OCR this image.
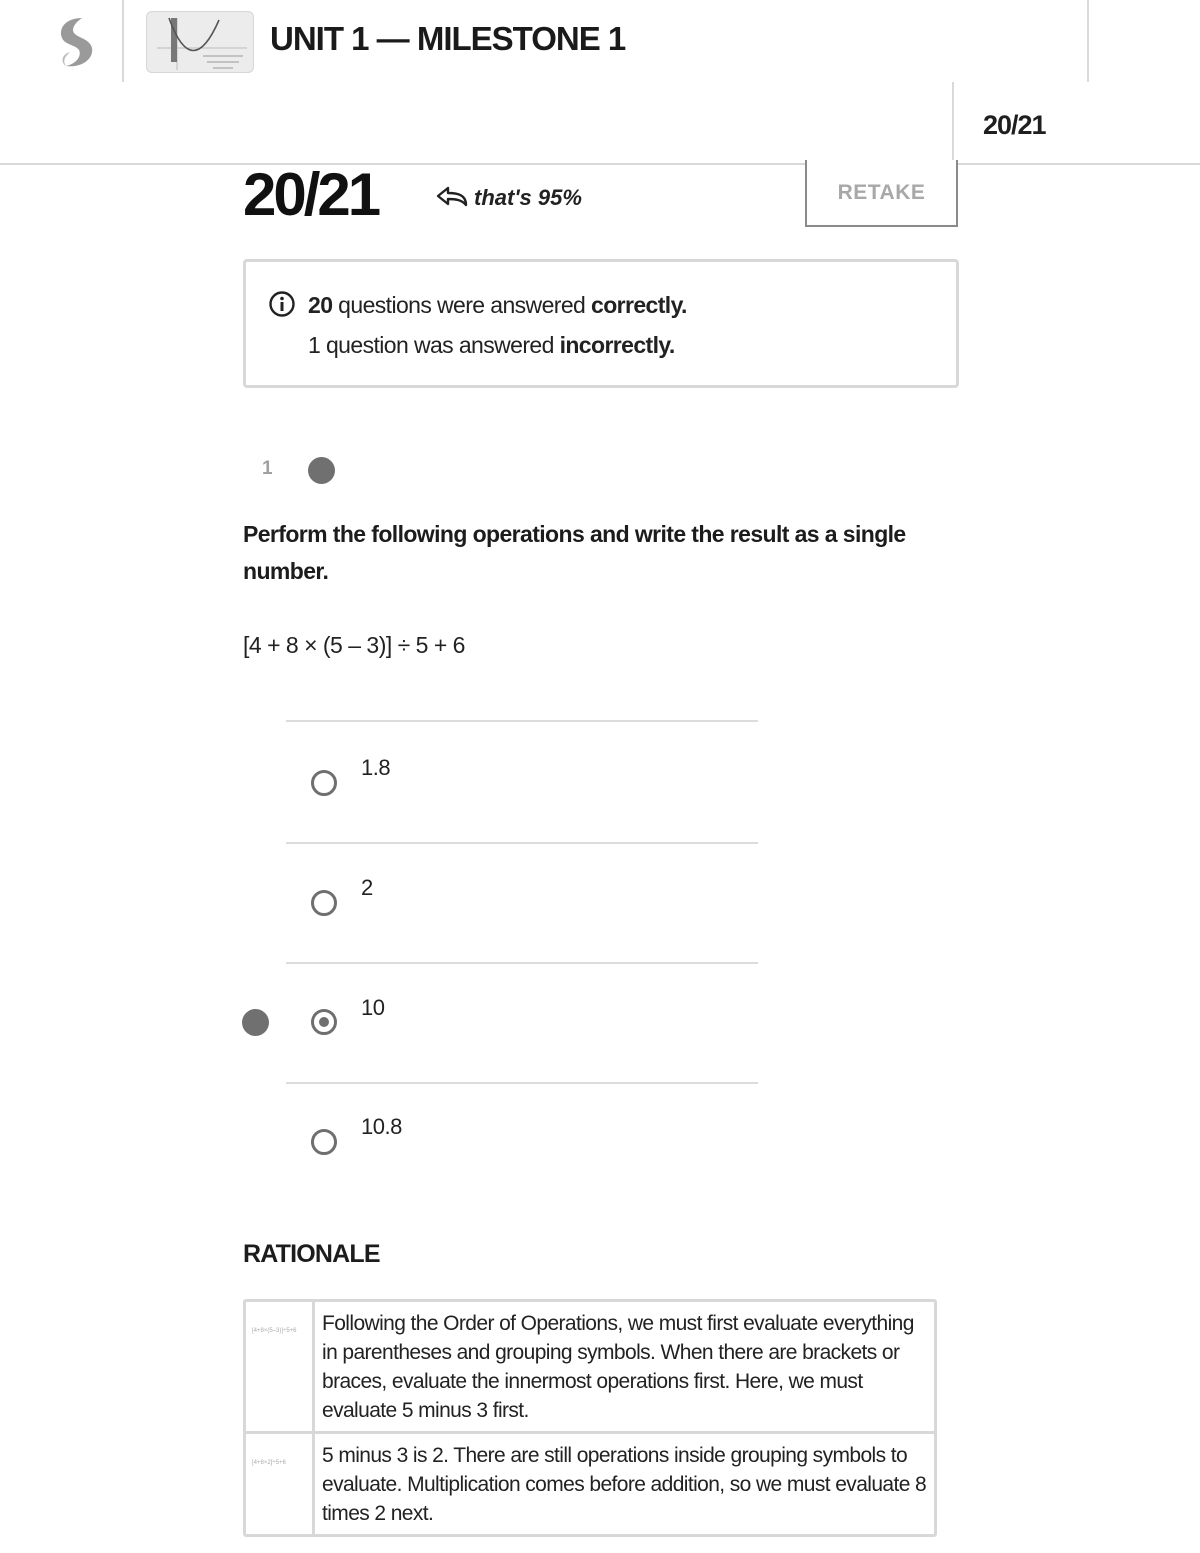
UNIT 1 — MILESTONE 1
20/21
20/21	that's 95%	RETAKE
20 questions were answered correctly.
1 question was answered incorrectly.
1
Perform the following operations and write the result as a single number.
[4 + 8 × (5 – 3)] ÷ 5 + 6
1.8
2
10
10.8
RATIONALE
[4+8×(5–3)]÷5+6	Following the Order of Operations, we must first evaluate everything in parentheses and grouping symbols. When there are brackets or braces, evaluate the innermost operations first. Here, we must evaluate 5 minus 3 first.
[4+8×2]÷5+6	5 minus 3 is 2. There are still operations inside grouping symbols to evaluate. Multiplication comes before addition, so we must evaluate 8 times 2 next.
